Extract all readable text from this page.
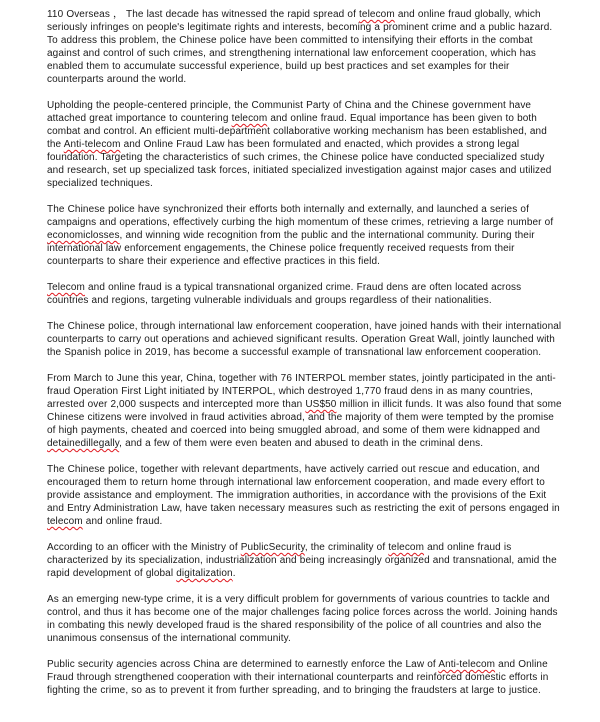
110 Overseas ， The last decade has witnessed the rapid spread of telecom and online fraud globally, which seriously infringes on people's legitimate rights and interests, becoming a prominent crime and a public hazard. To address this problem, the Chinese police have been committed to intensifying their efforts in the combat against and control of such crimes, and strengthening international law enforcement cooperation, which has enabled them to accumulate successful experience, build up best practices and set examples for their counterparts around the world.

Upholding the people-centered principle, the Communist Party of China and the Chinese government have attached great importance to countering telecom and online fraud. Equal importance has been given to both combat and control. An efficient multi-department collaborative working mechanism has been established, and the Anti-telecom and Online Fraud Law has been formulated and enacted, which provides a strong legal foundation. Targeting the characteristics of such crimes, the Chinese police have conducted specialized study and research, set up specialized task forces, initiated specialized investigation against major cases and utilized specialized techniques.

The Chinese police have synchronized their efforts both internally and externally, and launched a series of campaigns and operations, effectively curbing the high momentum of these crimes, retrieving a large number of economiclosses, and winning wide recognition from the public and the international community. During their international law enforcement engagements, the Chinese police frequently received requests from their counterparts to share their experience and effective practices in this field.

Telecom and online fraud is a typical transnational organized crime. Fraud dens are often located across countries and regions, targeting vulnerable individuals and groups regardless of their nationalities.

The Chinese police, through international law enforcement cooperation, have joined hands with their international counterparts to carry out operations and achieved significant results. Operation Great Wall, jointly launched with the Spanish police in 2019, has become a successful example of transnational law enforcement cooperation.

From March to June this year, China, together with 76 INTERPOL member states, jointly participated in the anti-fraud Operation First Light initiated by INTERPOL, which destroyed 1,770 fraud dens in as many countries, arrested over 2,000 suspects and intercepted more than US$50 million in illicit funds. It was also found that some Chinese citizens were involved in fraud activities abroad, and the majority of them were tempted by the promise of high payments, cheated and coerced into being smuggled abroad, and some of them were kidnapped and detainedillegally, and a few of them were even beaten and abused to death in the criminal dens.

The Chinese police, together with relevant departments, have actively carried out rescue and education, and encouraged them to return home through international law enforcement cooperation, and made every effort to provide assistance and employment. The immigration authorities, in accordance with the provisions of the Exit and Entry Administration Law, have taken necessary measures such as restricting the exit of persons engaged in telecom and online fraud.

According to an officer with the Ministry of PublicSecurity, the criminality of telecom and online fraud is characterized by its specialization, industrialization and being increasingly organized and transnational, amid the rapid development of global digitalization.

As an emerging new-type crime, it is a very difficult problem for governments of various countries to tackle and control, and thus it has become one of the major challenges facing police forces across the world. Joining hands in combating this newly developed fraud is the shared responsibility of the police of all countries and also the unanimous consensus of the international community.

Public security agencies across China are determined to earnestly enforce the Law of Anti-telecom and Online Fraud through strengthened cooperation with their international counterparts and reinforced domestic efforts in fighting the crime, so as to prevent it from further spreading, and to bringing the fraudsters at large to justice.
